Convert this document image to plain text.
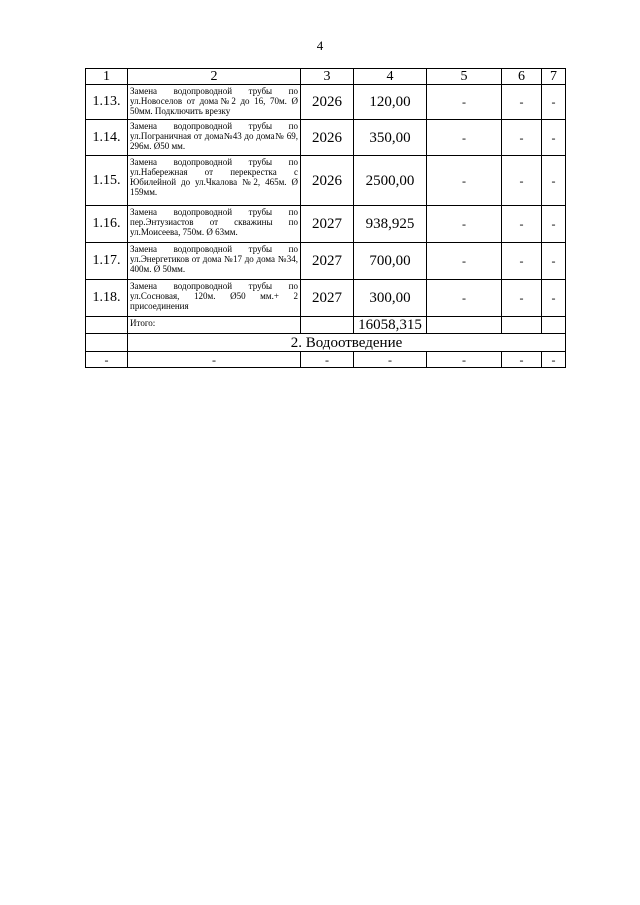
4
1	2	3	4	5	6	7
1.13.	Замена водопроводной трубы по ул.Новоселов от дома№2 до 16, 70м. Ø 50мм. Подключить врезку	2026	120,00	-	-	-
1.14.	Замена водопроводной трубы по ул.Пограничная от дома№43 до дома№ 69, 296м. Ø50 мм.	2026	350,00	-	-	-
1.15.	Замена водопроводной трубы по ул.Набережная от перекрестка с Юбилейной до ул.Чкалова №2, 465м. Ø 159мм.	2026	2500,00	-	-	-
1.16.	Замена водопроводной трубы по пер.Энтузиастов от скважины по ул.Моисеева, 750м. Ø 63мм.	2027	938,925	-	-	-
1.17.	Замена водопроводной трубы по ул.Энергетиков от дома №17 до дома №34, 400м. Ø 50мм.	2027	700,00	-	-	-
1.18.	Замена водопроводной трубы по ул.Сосновая, 120м. Ø50 мм.+ 2 присоединения	2027	300,00	-	-	-
	Итого:		16058,315			
	2. Водоотведение					
-	-	-	-	-	-	-
